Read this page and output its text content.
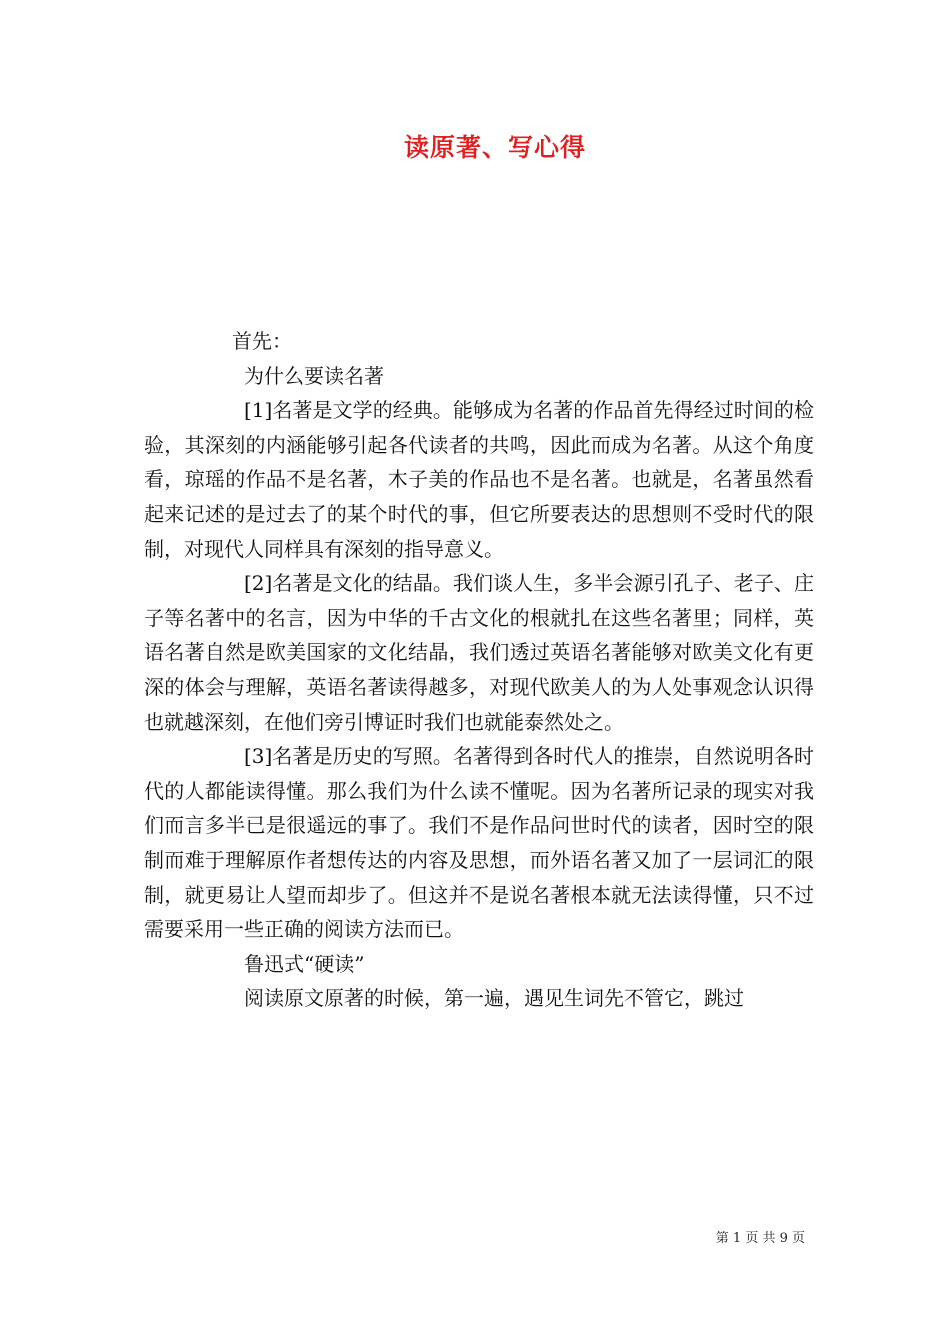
读原著、写心得

首先：

为什么要读名著

[1]名著是文学的经典。能够成为名著的作品首先得经过时间的检验，其深刻的内涵能够引起各代读者的共鸣，因此而成为名著。从这个角度看，琼瑶的作品不是名著，木子美的作品也不是名著。也就是，名著虽然看起来记述的是过去了的某个时代的事，但它所要表达的思想则不受时代的限制，对现代人同样具有深刻的指导意义。

[2]名著是文化的结晶。我们谈人生，多半会源引孔子、老子、庄子等名著中的名言，因为中华的千古文化的根就扎在这些名著里；同样，英语名著自然是欧美国家的文化结晶，我们透过英语名著能够对欧美文化有更深的体会与理解，英语名著读得越多，对现代欧美人的为人处事观念认识得也就越深刻，在他们旁引博证时我们也就能泰然处之。

[3]名著是历史的写照。名著得到各时代人的推崇，自然说明各时代的人都能读得懂。那么我们为什么读不懂呢。因为名著所记录的现实对我们而言多半已是很遥远的事了。我们不是作品问世时代的读者，因时空的限制而难于理解原作者想传达的内容及思想，而外语名著又加了一层词汇的限制，就更易让人望而却步了。但这并不是说名著根本就无法读得懂，只不过需要采用一些正确的阅读方法而已。

鲁迅式“硬读”

阅读原文原著的时候，第一遍，遇见生词先不管它，跳过

第 1 页 共 9 页
